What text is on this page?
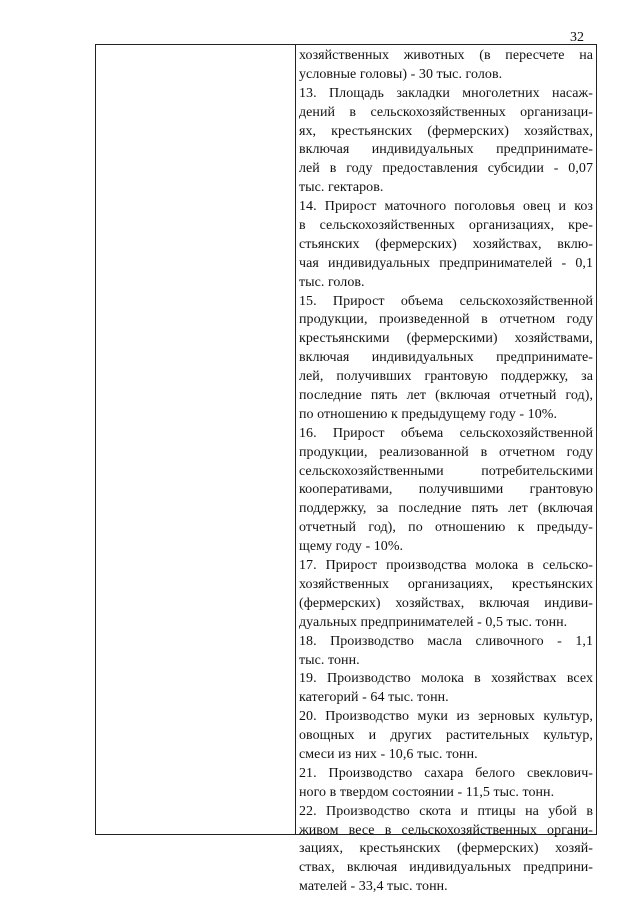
32
хозяйственных животных (в пересчете на
условные головы) - 30 тыс. голов.
13. Площадь закладки многолетних насаж-
дений в сельскохозяйственных организаци-
ях, крестьянских (фермерских) хозяйствах,
включая индивидуальных предпринимате-
лей в году предоставления субсидии - 0,07
тыс. гектаров.
14. Прирост маточного поголовья овец и коз
в сельскохозяйственных организациях, кре-
стьянских (фермерских) хозяйствах, вклю-
чая индивидуальных предпринимателей - 0,1
тыс. голов.
15. Прирост объема сельскохозяйственной
продукции, произведенной в отчетном году
крестьянскими (фермерскими) хозяйствами,
включая индивидуальных предпринимате-
лей, получивших грантовую поддержку, за
последние пять лет (включая отчетный год),
по отношению к предыдущему году - 10%.
16. Прирост объема сельскохозяйственной
продукции, реализованной в отчетном году
сельскохозяйственными потребительскими
кооперативами, получившими грантовую
поддержку, за последние пять лет (включая
отчетный год), по отношению к предыду-
щему году - 10%.
17. Прирост производства молока в сельско-
хозяйственных организациях, крестьянских
(фермерских) хозяйствах, включая индиви-
дуальных предпринимателей - 0,5 тыс. тонн.
18. Производство масла сливочного - 1,1
тыс. тонн.
19. Производство молока в хозяйствах всех
категорий - 64 тыс. тонн.
20. Производство муки из зерновых культур,
овощных и других растительных культур,
смеси из них - 10,6 тыс. тонн.
21. Производство сахара белого свеклович-
ного в твердом состоянии - 11,5 тыс. тонн.
22. Производство скота и птицы на убой в
живом весе в сельскохозяйственных органи-
зациях, крестьянских (фермерских) хозяй-
ствах, включая индивидуальных предприни-
мателей - 33,4 тыс. тонн.
